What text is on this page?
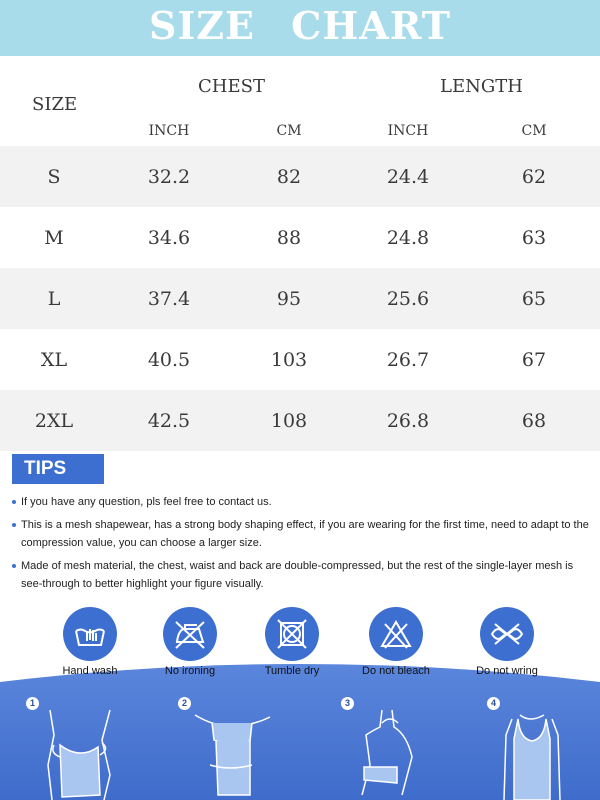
SIZE CHART
SIZE
CHEST	LENGTH
INCH	CM	INCH	CM
S	32.2	82	24.4	62
M	34.6	88	24.8	63
L	37.4	95	25.6	65
XL	40.5	103	26.7	67
2XL	42.5	108	26.8	68
TIPS
If you have any question, pls feel free to contact us.
This is a mesh shapewear, has a strong body shaping effect, if you are wearing for the first time, need to adapt to the compression value, you can choose a larger size.
Made of mesh material, the chest, waist and back are double-compressed, but the rest of the single-layer mesh is see-through to better highlight your figure visually.
Hand wash	No ironing	Tumble dry	Do not bleach	Do not wring
1	2	3	4
